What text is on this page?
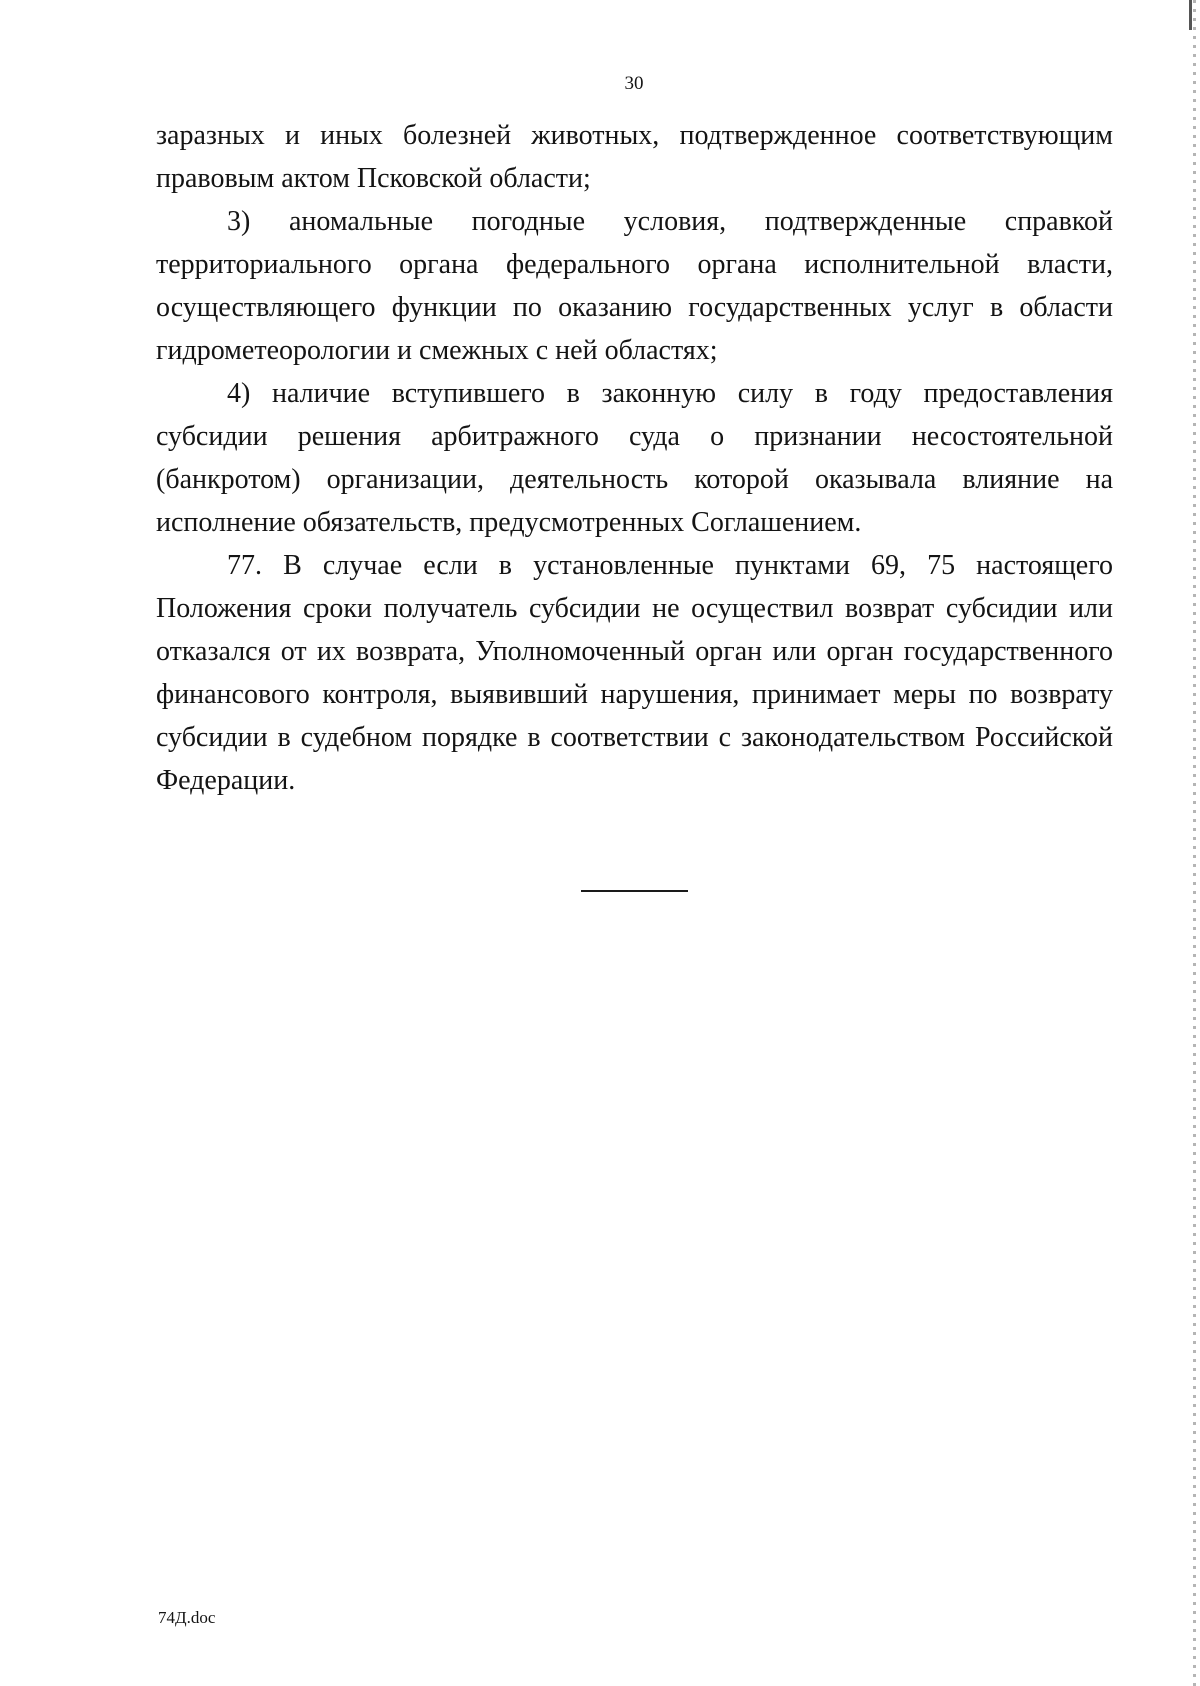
30

заразных и иных болезней животных, подтвержденное соответствующим правовым актом Псковской области;

3) аномальные погодные условия, подтвержденные справкой территориального органа федерального органа исполнительной власти, осуществляющего функции по оказанию государственных услуг в области гидрометеорологии и смежных с ней областях;

4) наличие вступившего в законную силу в году предоставления субсидии решения арбитражного суда о признании несостоятельной (банкротом) организации, деятельность которой оказывала влияние на исполнение обязательств, предусмотренных Соглашением.

77. В случае если в установленные пунктами 69, 75 настоящего Положения сроки получатель субсидии не осуществил возврат субсидии или отказался от их возврата, Уполномоченный орган или орган государственного финансового контроля, выявивший нарушения, принимает меры по возврату субсидии в судебном порядке в соответствии с законодательством Российской Федерации.

74Д.doc
